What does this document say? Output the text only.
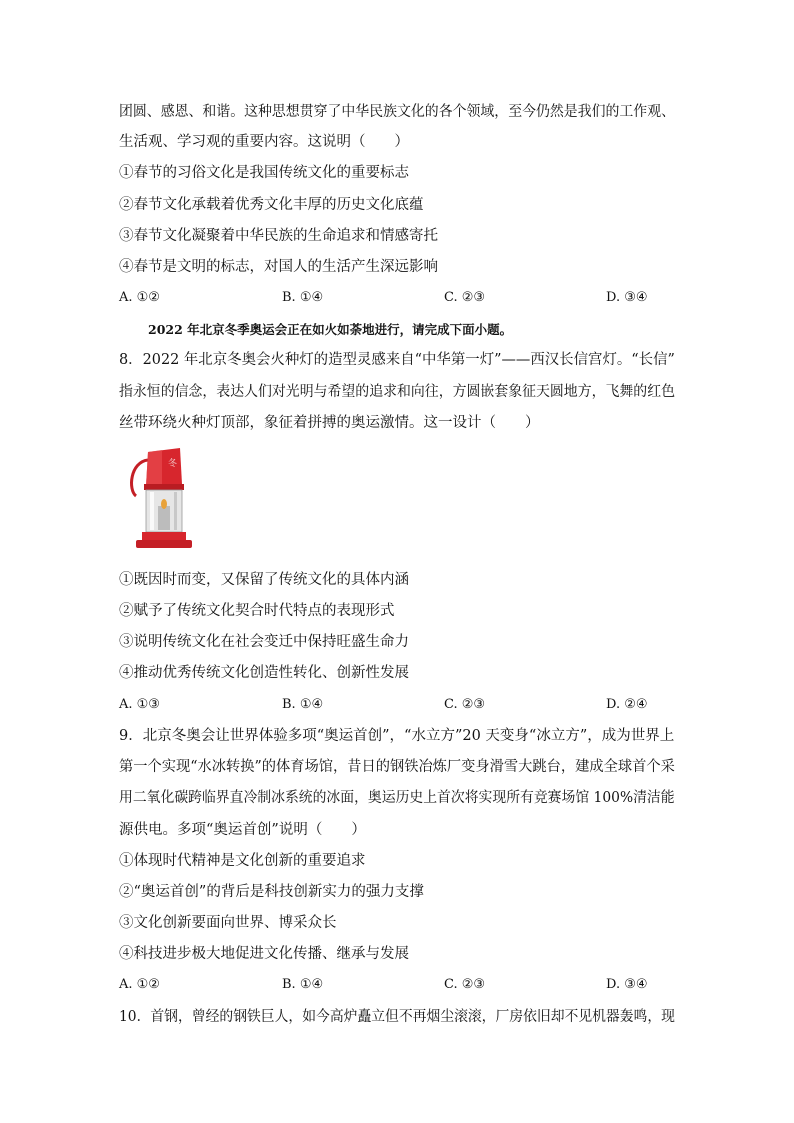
团圆、感恩、和谐。这种思想贯穿了中华民族文化的各个领域，至今仍然是我们的工作观、
生活观、学习观的重要内容。这说明（　　）
①春节的习俗文化是我国传统文化的重要标志
②春节文化承载着优秀文化丰厚的历史文化底蕴
③春节文化凝聚着中华民族的生命追求和情感寄托
④春节是文明的标志，对国人的生活产生深远影响
A. ①②	B. ①④	C. ②③	D. ③④
2022 年北京冬季奥运会正在如火如荼地进行，请完成下面小题。
8．2022 年北京冬奥会火种灯的造型灵感来自“中华第一灯”——西汉长信宫灯。“长信”
指永恒的信念，表达人们对光明与希望的追求和向往，方圆嵌套象征天圆地方，飞舞的红色
丝带环绕火种灯顶部，象征着拼搏的奥运激情。这一设计（　　）
冬
①既因时而变，又保留了传统文化的具体内涵
②赋予了传统文化契合时代特点的表现形式
③说明传统文化在社会变迁中保持旺盛生命力
④推动优秀传统文化创造性转化、创新性发展
A. ①③	B. ①④	C. ②③	D. ②④
9．北京冬奥会让世界体验多项“奥运首创”，“水立方”20 天变身“冰立方”，成为世界上
第一个实现“水冰转换”的体育场馆，昔日的钢铁冶炼厂变身滑雪大跳台，建成全球首个采
用二氧化碳跨临界直冷制冰系统的冰面，奥运历史上首次将实现所有竞赛场馆 100%清洁能
源供电。多项“奥运首创”说明（　　）
①体现时代精神是文化创新的重要追求
②“奥运首创”的背后是科技创新实力的强力支撑
③文化创新要面向世界、博采众长
④科技进步极大地促进文化传播、继承与发展
A. ①②	B. ①④	C. ②③	D. ③④
10．首钢，曾经的钢铁巨人，如今高炉矗立但不再烟尘滚滚，厂房依旧却不见机器轰鸣，现
